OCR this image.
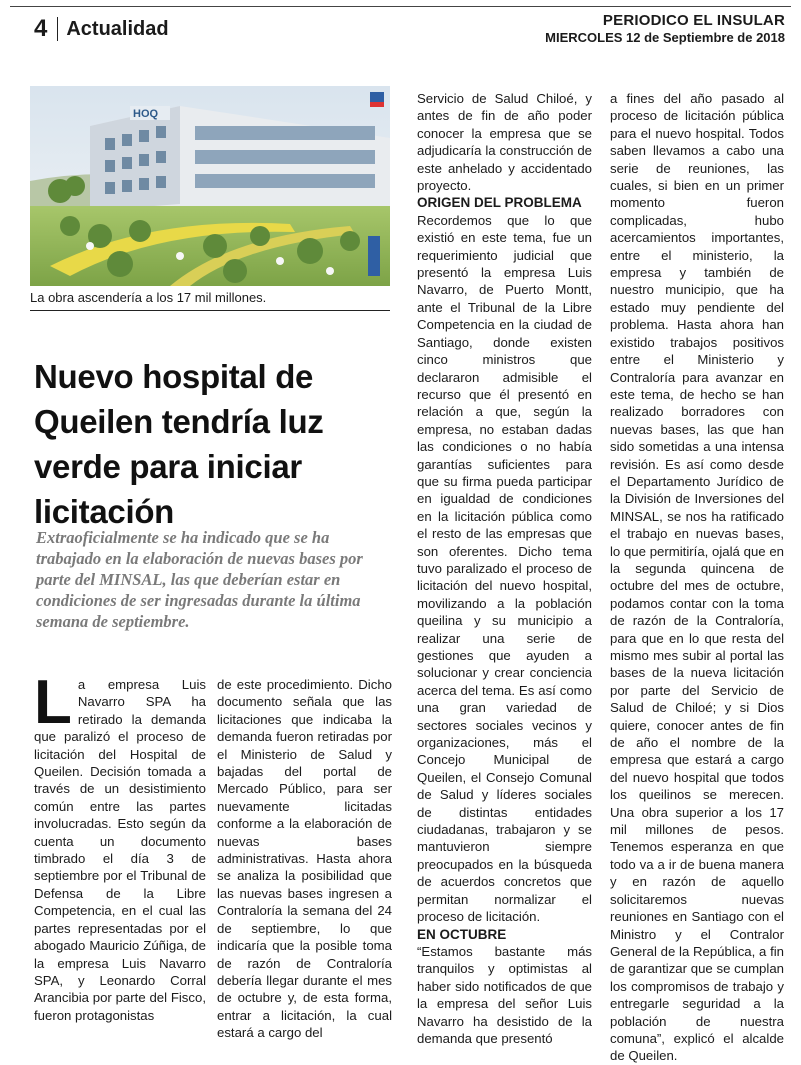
4 Actualidad	PERIODICO EL INSULAR
MIERCOLES 12 de Septiembre de 2018
HOQ
La obra ascendería a los 17 mil millones.
Nuevo hospital de Queilen tendría luz verde para iniciar licitación
Extraoficialmente se ha indicado que se ha trabajado en la elaboración de nuevas bases por parte del MINSAL, las que deberían estar en condiciones de ser ingresadas durante la última semana de septiembre.
L a empresa Luis Navarro SPA ha retirado la demanda que paralizó el proceso de licitación del Hospital de Queilen. Decisión tomada a través de un desistimiento común entre las partes involucradas. Esto según da cuenta un documento timbrado el día 3 de septiembre por el Tribunal de Defensa de la Libre Competencia, en el cual las partes representadas por el abogado Mauricio Zúñiga, de la empresa Luis Navarro SPA, y Leonardo Corral Arancibia por parte del Fisco, fueron protagonistas

de este procedimiento. Dicho documento señala que las licitaciones que indicaba la demanda fueron retiradas por el Ministerio de Salud y bajadas del portal de Mercado Público, para ser nuevamente licitadas conforme a la elaboración de nuevas bases administrativas. Hasta ahora se analiza la posibilidad que las nuevas bases ingresen a Contraloría la semana del 24 de septiembre, lo que indicaría que la posible toma de razón de Contraloría debería llegar durante el mes de octubre y, de esta forma, entrar a licitación, la cual estará a cargo del

Servicio de Salud Chiloé, y antes de fin de año poder conocer la empresa que se adjudicaría la construcción de este anhelado y accidentado proyecto.

ORIGEN DEL PROBLEMA

Recordemos que lo que existió en este tema, fue un requerimiento judicial que presentó la empresa Luis Navarro, de Puerto Montt, ante el Tribunal de la Libre Competencia en la ciudad de Santiago, donde existen cinco ministros que declararon admisible el recurso que él presentó en relación a que, según la empresa, no estaban dadas las condiciones o no había garantías suficientes para que su firma pueda participar en igualdad de condiciones en la licitación pública como el resto de las empresas que son oferentes. Dicho tema tuvo paralizado el proceso de licitación del nuevo hospital, movilizando a la población queilina y su municipio a realizar una serie de gestiones que ayuden a solucionar y crear conciencia acerca del tema. Es así como una gran variedad de sectores sociales vecinos y organizaciones, más el Concejo Municipal de Queilen, el Consejo Comunal de Salud y líderes sociales de distintas entidades ciudadanas, trabajaron y se mantuvieron siempre preocupados en la búsqueda de acuerdos concretos que permitan normalizar el proceso de licitación.

EN OCTUBRE

“Estamos bastante más tranquilos y optimistas al haber sido notificados de que la empresa del señor Luis Navarro ha desistido de la demanda que presentó

a fines del año pasado al proceso de licitación pública para el nuevo hospital. Todos saben llevamos a cabo una serie de reuniones, las cuales, si bien en un primer momento fueron complicadas, hubo acercamientos importantes, entre el ministerio, la empresa y también de nuestro municipio, que ha estado muy pendiente del problema. Hasta ahora han existido trabajos positivos entre el Ministerio y Contraloría para avanzar en este tema, de hecho se han realizado borradores con nuevas bases, las que han sido sometidas a una intensa revisión. Es así como desde el Departamento Jurídico de la División de Inversiones del MINSAL, se nos ha ratificado el trabajo en nuevas bases, lo que permitiría, ojalá que en la segunda quincena de octubre del mes de octubre, podamos contar con la toma de razón de la Contraloría, para que en lo que resta del mismo mes subir al portal las bases de la nueva licitación por parte del Servicio de Salud de Chiloé; y si Dios quiere, conocer antes de fin de año el nombre de la empresa que estará a cargo del nuevo hospital que todos los queilinos se merecen. Una obra superior a los 17 mil millones de pesos. Tenemos esperanza en que todo va a ir de buena manera y en razón de aquello solicitaremos nuevas reuniones en Santiago con el Ministro y el Contralor General de la República, a fin de garantizar que se cumplan los compromisos de trabajo y entregarle seguridad a la población de nuestra comuna”, explicó el alcalde de Queilen.
